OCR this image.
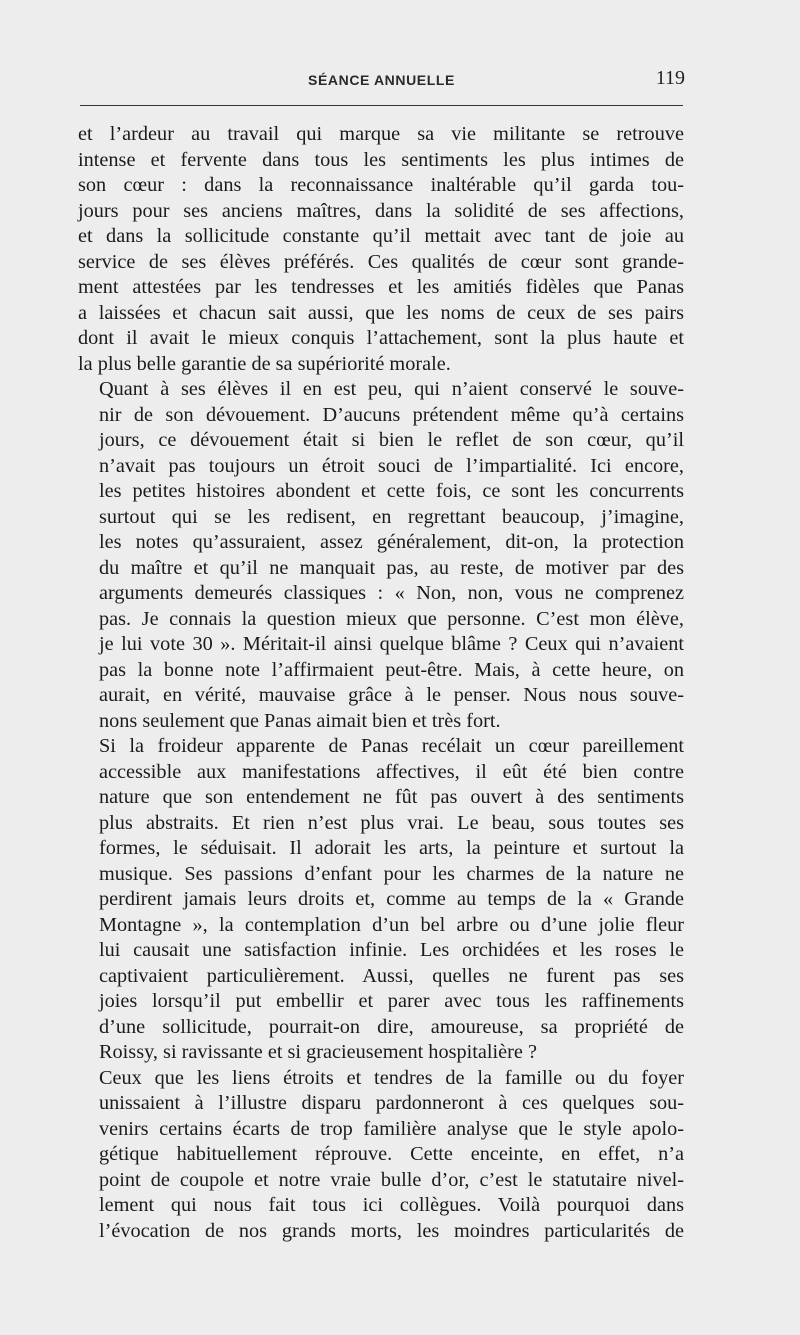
SÉANCE ANNUELLE	119
et l’ardeur au travail qui marque sa vie militante se retrouve
intense et fervente dans tous les sentiments les plus intimes de
son cœur : dans la reconnaissance inaltérable qu’il garda tou-
jours pour ses anciens maîtres, dans la solidité de ses affections,
et dans la sollicitude constante qu’il mettait avec tant de joie au
service de ses élèves préférés. Ces qualités de cœur sont grande-
ment attestées par les tendresses et les amitiés fidèles que Panas
a laissées et chacun sait aussi, que les noms de ceux de ses pairs
dont il avait le mieux conquis l’attachement, sont la plus haute et
la plus belle garantie de sa supériorité morale.
Quant à ses élèves il en est peu, qui n’aient conservé le souve-
nir de son dévouement. D’aucuns prétendent même qu’à certains
jours, ce dévouement était si bien le reflet de son cœur, qu’il
n’avait pas toujours un étroit souci de l’impartialité. Ici encore,
les petites histoires abondent et cette fois, ce sont les concurrents
surtout qui se les redisent, en regrettant beaucoup, j’imagine,
les notes qu’assuraient, assez généralement, dit-on, la protection
du maître et qu’il ne manquait pas, au reste, de motiver par des
arguments demeurés classiques : « Non, non, vous ne comprenez
pas. Je connais la question mieux que personne. C’est mon élève,
je lui vote 30 ». Méritait-il ainsi quelque blâme ? Ceux qui n’avaient
pas la bonne note l’affirmaient peut-être. Mais, à cette heure, on
aurait, en vérité, mauvaise grâce à le penser. Nous nous souve-
nons seulement que Panas aimait bien et très fort.
Si la froideur apparente de Panas recélait un cœur pareillement
accessible aux manifestations affectives, il eût été bien contre
nature que son entendement ne fût pas ouvert à des sentiments
plus abstraits. Et rien n’est plus vrai. Le beau, sous toutes ses
formes, le séduisait. Il adorait les arts, la peinture et surtout la
musique. Ses passions d’enfant pour les charmes de la nature ne
perdirent jamais leurs droits et, comme au temps de la « Grande
Montagne », la contemplation d’un bel arbre ou d’une jolie fleur
lui causait une satisfaction infinie. Les orchidées et les roses le
captivaient particulièrement. Aussi, quelles ne furent pas ses
joies lorsqu’il put embellir et parer avec tous les raffinements
d’une sollicitude, pourrait-on dire, amoureuse, sa propriété de
Roissy, si ravissante et si gracieusement hospitalière ?
Ceux que les liens étroits et tendres de la famille ou du foyer
unissaient à l’illustre disparu pardonneront à ces quelques sou-
venirs certains écarts de trop familière analyse que le style apolo-
gétique habituellement réprouve. Cette enceinte, en effet, n’a
point de coupole et notre vraie bulle d’or, c’est le statutaire nivel-
lement qui nous fait tous ici collègues. Voilà pourquoi dans
l’évocation de nos grands morts, les moindres particularités de
